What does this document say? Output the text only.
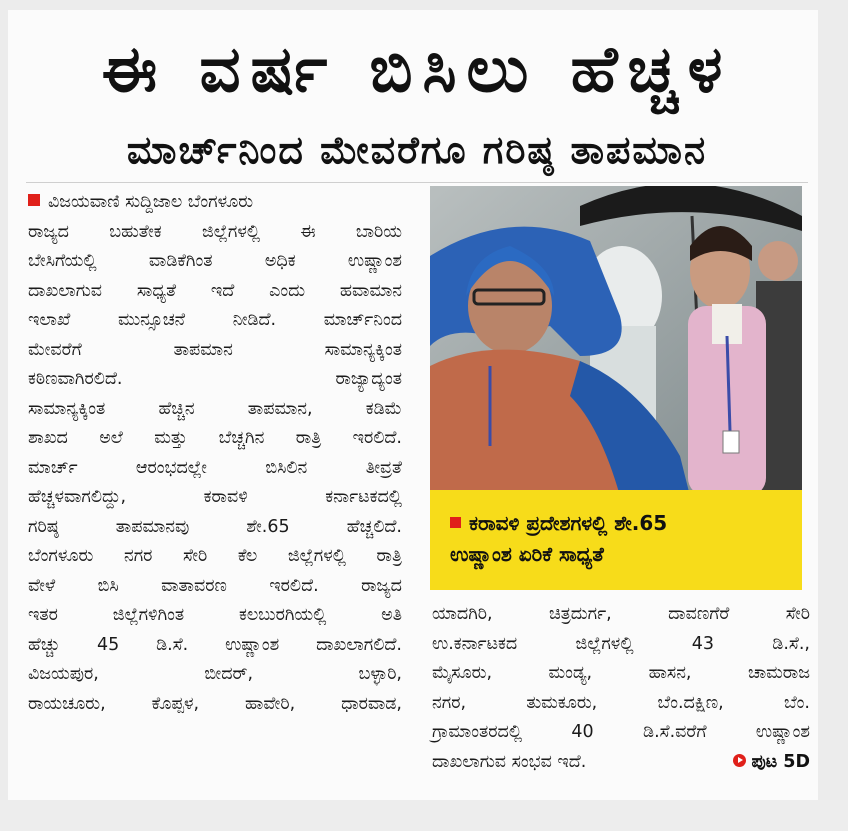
ಈ ವರ್ಷ ಬಿಸಿಲು ಹೆಚ್ಚಳ
ಮಾರ್ಚ್‌ನಿಂದ ಮೇವರೆಗೂ ಗರಿಷ್ಠ ತಾಪಮಾನ

ವಿಜಯವಾಣಿ ಸುದ್ದಿಜಾಲ ಬೆಂಗಳೂರು

ರಾಜ್ಯದ ಬಹುತೇಕ ಜಿಲ್ಲೆಗಳಲ್ಲಿ ಈ ಬಾರಿಯ

ಬೇಸಿಗೆಯಲ್ಲಿ ವಾಡಿಕೆಗಿಂತ ಅಧಿಕ ಉಷ್ಣಾಂಶ

ದಾಖಲಾಗುವ ಸಾಧ್ಯತೆ ಇದೆ ಎಂದು ಹವಾಮಾನ

ಇಲಾಖೆ ಮುನ್ಸೂಚನೆ ನೀಡಿದೆ. ಮಾರ್ಚ್‌ನಿಂದ

ಮೇವರೆಗೆ ತಾಪಮಾನ ಸಾಮಾನ್ಯಕ್ಕಿಂತ

ಕಠಿಣವಾಗಿರಲಿದೆ. ರಾಜ್ಯಾದ್ಯಂತ

ಸಾಮಾನ್ಯಕ್ಕಿಂತ ಹೆಚ್ಚಿನ ತಾಪಮಾನ, ಕಡಿಮೆ

ಶಾಖದ ಅಲೆ ಮತ್ತು ಬೆಚ್ಚಗಿನ ರಾತ್ರಿ ಇರಲಿದೆ.

ಮಾರ್ಚ್ ಆರಂಭದಲ್ಲೇ ಬಿಸಿಲಿನ ತೀವ್ರತೆ

ಹೆಚ್ಚಳವಾಗಲಿದ್ದು, ಕರಾವಳಿ ಕರ್ನಾಟಕದಲ್ಲಿ

ಗರಿಷ್ಠ ತಾಪಮಾನವು ಶೇ.65 ಹೆಚ್ಚಲಿದೆ.

ಬೆಂಗಳೂರು ನಗರ ಸೇರಿ ಕೆಲ ಜಿಲ್ಲೆಗಳಲ್ಲಿ ರಾತ್ರಿ

ವೇಳೆ ಬಿಸಿ ವಾತಾವರಣ ಇರಲಿದೆ. ರಾಜ್ಯದ

ಇತರ ಜಿಲ್ಲೆಗಳಿಗಿಂತ ಕಲಬುರಗಿಯಲ್ಲಿ ಅತಿ

ಹೆಚ್ಚು 45 ಡಿ.ಸೆ. ಉಷ್ಣಾಂಶ ದಾಖಲಾಗಲಿದೆ.

ವಿಜಯಪುರ, ಬೀದರ್, ಬಳ್ಳಾರಿ,

ರಾಯಚೂರು, ಕೊಪ್ಪಳ, ಹಾವೇರಿ, ಧಾರವಾಡ,

ಕರಾವಳಿ ಪ್ರದೇಶಗಳಲ್ಲಿ ಶೇ.65
ಉಷ್ಣಾಂಶ ಏರಿಕೆ ಸಾಧ್ಯತೆ

ಯಾದಗಿರಿ, ಚಿತ್ರದುರ್ಗ, ದಾವಣಗೆರೆ ಸೇರಿ

ಉ.ಕರ್ನಾಟಕದ ಜಿಲ್ಲೆಗಳಲ್ಲಿ 43 ಡಿ.ಸೆ.,

ಮೈಸೂರು, ಮಂಡ್ಯ, ಹಾಸನ, ಚಾಮರಾಜ

ನಗರ, ತುಮಕೂರು, ಬೆಂ.ದಕ್ಷಿಣ, ಬೆಂ.

ಗ್ರಾಮಾಂತರದಲ್ಲಿ 40 ಡಿ.ಸೆ.ವರೆಗೆ ಉಷ್ಣಾಂಶ

ದಾಖಲಾಗುವ ಸಂಭವ ಇದೆ.	ಪುಟ 5D
